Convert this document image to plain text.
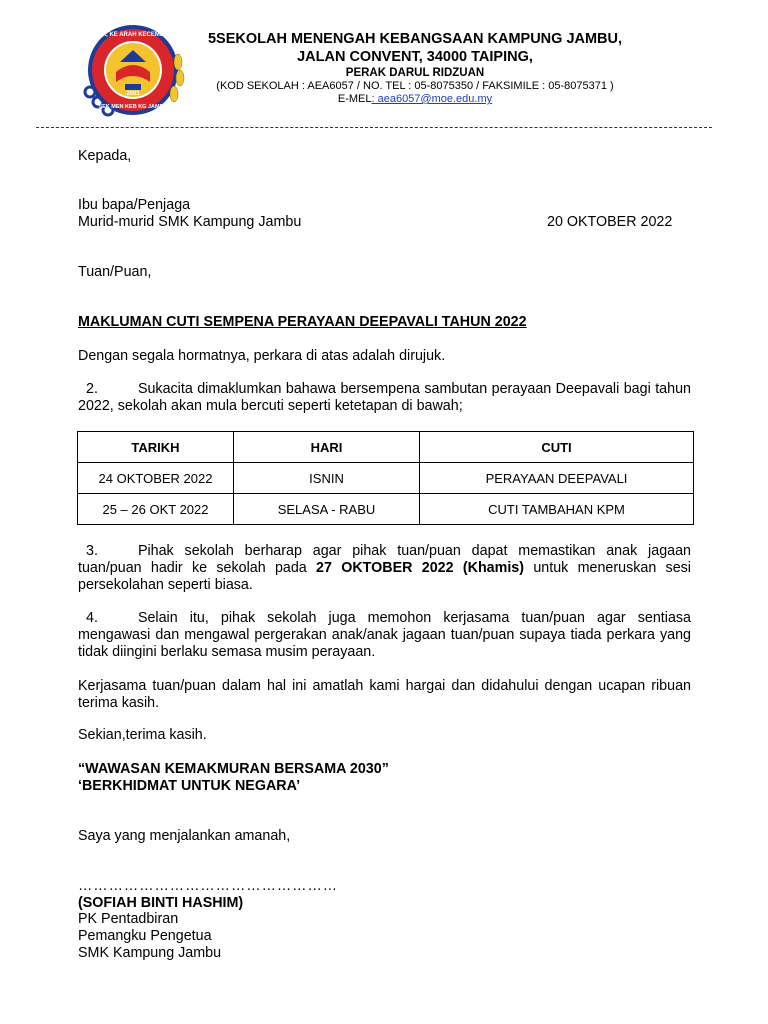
BERUSAHA, KE ARAH KECEMERLANGAN
SEK MEN KEB KG JAMBU
2001
5SEKOLAH MENENGAH KEBANGSAAN KAMPUNG JAMBU,
JALAN CONVENT, 34000 TAIPING,
PERAK DARUL RIDZUAN
(KOD SEKOLAH : AEA6057 / NO. TEL : 05-8075350 / FAKSIMILE : 05-8075371 )
E-MEL: aea6057@moe.edu.my
Kepada,
Ibu bapa/Penjaga
Murid-murid SMK Kampung Jambu	20 OKTOBER 2022
Tuan/Puan,
MAKLUMAN CUTI SEMPENA PERAYAAN DEEPAVALI TAHUN 2022
Dengan segala hormatnya, perkara di atas adalah dirujuk.
2.	Sukacita dimaklumkan bahawa bersempena sambutan perayaan Deepavali bagi tahun 2022, sekolah akan mula bercuti seperti ketetapan di bawah;
TARIKH	HARI	CUTI
24 OKTOBER 2022	ISNIN	PERAYAAN DEEPAVALI
25 – 26 OKT 2022	SELASA - RABU	CUTI TAMBAHAN KPM
3.	Pihak sekolah berharap agar pihak tuan/puan dapat memastikan anak jagaan tuan/puan hadir ke sekolah pada 27 OKTOBER 2022 (Khamis) untuk meneruskan sesi persekolahan seperti biasa.
4.	Selain itu, pihak sekolah juga memohon kerjasama tuan/puan agar sentiasa mengawasi dan mengawal pergerakan anak/anak jagaan tuan/puan supaya tiada perkara yang tidak diingini berlaku semasa musim perayaan.
Kerjasama tuan/puan dalam hal ini amatlah kami hargai dan didahului dengan ucapan ribuan terima kasih.
Sekian,terima kasih.
“WAWASAN KEMAKMURAN BERSAMA 2030”
‘BERKHIDMAT UNTUK NEGARA’
Saya yang menjalankan amanah,
……………………………………………
(SOFIAH BINTI HASHIM)
PK Pentadbiran
Pemangku Pengetua
SMK Kampung Jambu
